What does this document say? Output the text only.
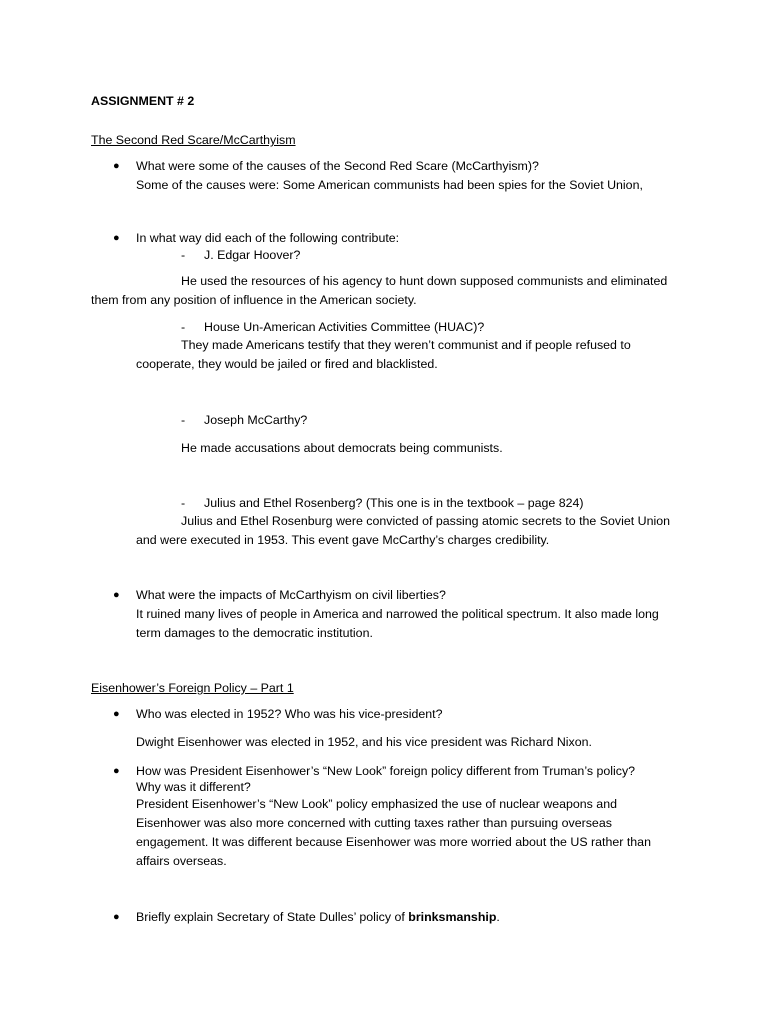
ASSIGNMENT # 2

The Second Red Scare/McCarthyism

● What were some of the causes of the Second Red Scare (McCarthyism)?

Some of the causes were: Some American communists had been spies for the Soviet Union,

● In what way did each of the following contribute:

- J. Edgar Hoover?

He used the resources of his agency to hunt down supposed communists and eliminated

them from any position of influence in the American society.

- House Un-American Activities Committee (HUAC)?

They made Americans testify that they weren’t communist and if people refused to

cooperate, they would be jailed or fired and blacklisted.

- Joseph McCarthy?

He made accusations about democrats being communists.

- Julius and Ethel Rosenberg? (This one is in the textbook – page 824)

Julius and Ethel Rosenburg were convicted of passing atomic secrets to the Soviet Union

and were executed in 1953. This event gave McCarthy’s charges credibility.

● What were the impacts of McCarthyism on civil liberties?

It ruined many lives of people in America and narrowed the political spectrum. It also made long

term damages to the democratic institution.

Eisenhower’s Foreign Policy – Part 1

● Who was elected in 1952? Who was his vice-president?

Dwight Eisenhower was elected in 1952, and his vice president was Richard Nixon.

● How was President Eisenhower’s “New Look” foreign policy different from Truman’s policy?

Why was it different?

President Eisenhower’s “New Look” policy emphasized the use of nuclear weapons and

Eisenhower was also more concerned with cutting taxes rather than pursuing overseas

engagement. It was different because Eisenhower was more worried about the US rather than

affairs overseas.

● Briefly explain Secretary of State Dulles’ policy of brinksmanship.
